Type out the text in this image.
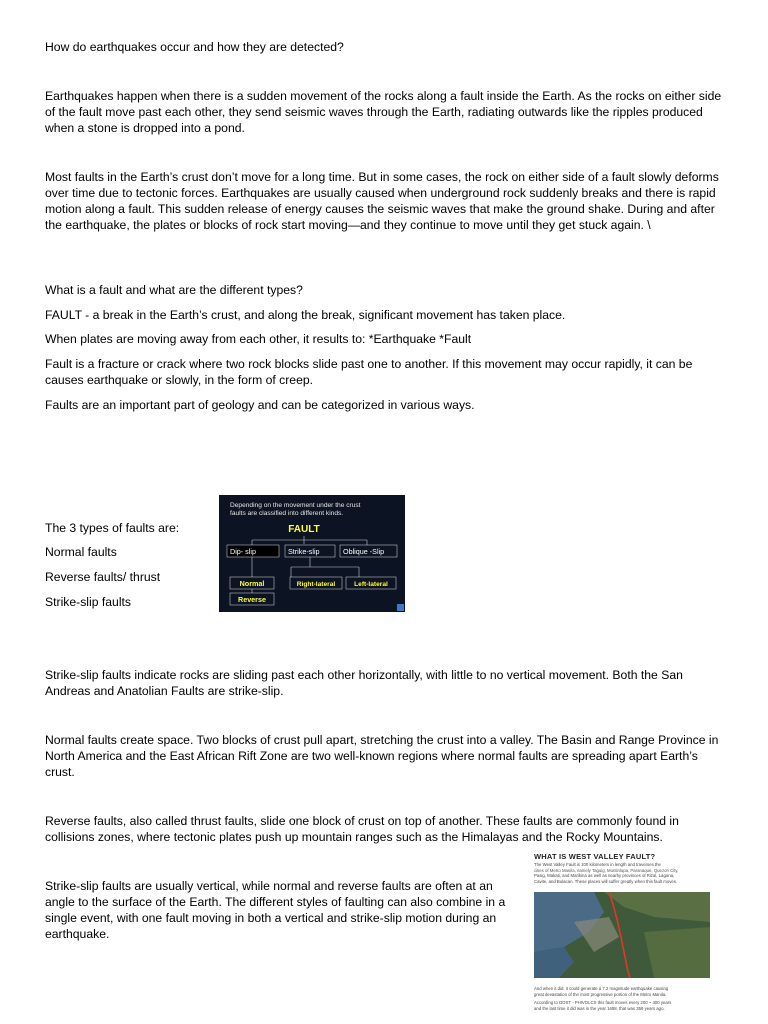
How do earthquakes occur and how they are detected?

Earthquakes happen when there is a sudden movement of the rocks along a fault inside the Earth. As the rocks on either side of the fault move past each other, they send seismic waves through the Earth, radiating outwards like the ripples produced when a stone is dropped into a pond.

Most faults in the Earth’s crust don’t move for a long time. But in some cases, the rock on either side of a fault slowly deforms over time due to tectonic forces. Earthquakes are usually caused when underground rock suddenly breaks and there is rapid motion along a fault. This sudden release of energy causes the seismic waves that make the ground shake. During and after the earthquake, the plates or blocks of rock start moving—and they continue to move until they get stuck again. \

What is a fault and what are the different types?

FAULT - a break in the Earth’s crust, and along the break, significant movement has taken place.

When plates are moving away from each other, it results to: *Earthquake *Fault

Fault is a fracture or crack where two rock blocks slide past one to another. If this movement may occur rapidly, it can be causes earthquake or slowly, in the form of creep.

Faults are an important part of geology and can be categorized in various ways.

The 3 types of faults are:

Normal faults

Reverse faults/ thrust

Strike-slip faults

Depending on the movement under the crust
faults are classified into different kinds.
FAULT
Dip- slip	Strike-slip	Oblique -Slip
Normal	Right-lateral	Left-lateral
Reverse

Strike-slip faults indicate rocks are sliding past each other horizontally, with little to no vertical movement. Both the San Andreas and Anatolian Faults are strike-slip.

Normal faults create space. Two blocks of crust pull apart, stretching the crust into a valley. The Basin and Range Province in North America and the East African Rift Zone are two well-known regions where normal faults are spreading apart Earth’s crust.

Reverse faults, also called thrust faults, slide one block of crust on top of another. These faults are commonly found in collisions zones, where tectonic plates push up mountain ranges such as the Himalayas and the Rocky Mountains.

Strike-slip faults are usually vertical, while normal and reverse faults are often at an angle to the surface of the Earth. The different styles of faulting can also combine in a single event, with one fault moving in both a vertical and strike-slip motion during an earthquake.

WHAT IS WEST VALLEY FAULT?
The West Valley Fault is 100 kilometers in length and traverses the
cities of Metro Manila, namely Taguig, Muntinlupa, Paranaque, Quezon City,
Pasig, Makati, and Marikina as well as nearby provinces of Rizal, Laguna,
Cavite, and Bulacan. These places will suffer greatly when this fault moves.
And when it did, it could generate a 7.2 magnitude earthquake causing
great devastation of the most progressive portion of the Metro Manila.
According to DOST - PHIVOLCS this fault moves every 200 ~ 400 years
and the last time it did was in the year 1658, that was 359 years ago.
